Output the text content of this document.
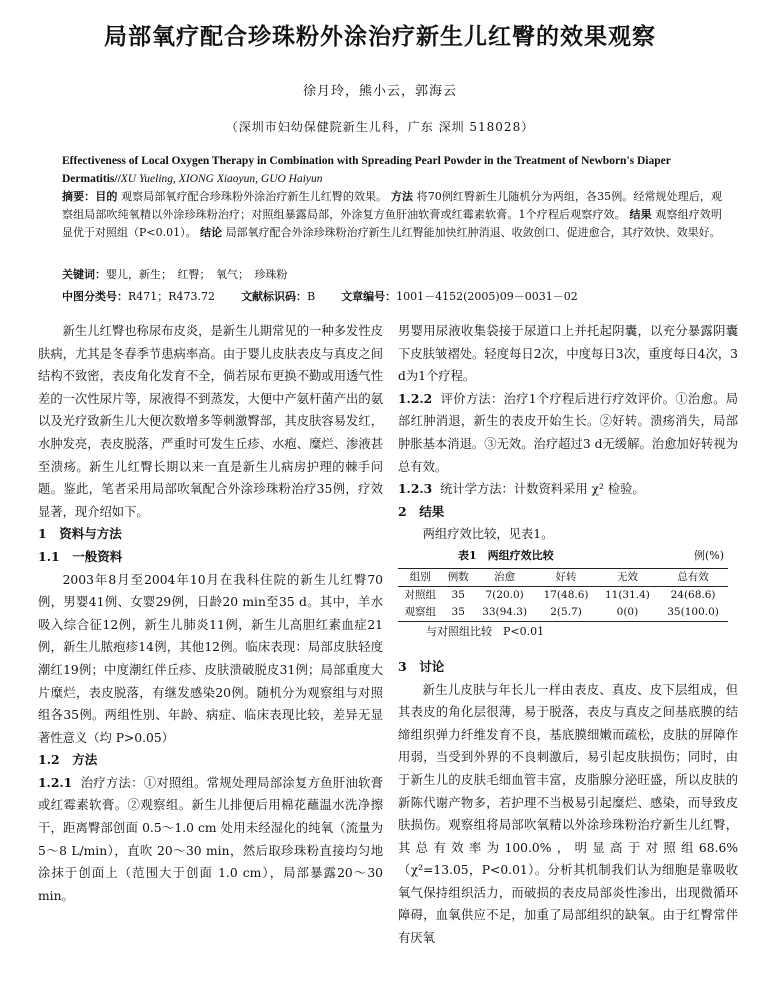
局部氧疗配合珍珠粉外涂治疗新生儿红臀的效果观察
徐月玲，熊小云，郭海云
（深圳市妇幼保健院新生儿科，广东 深圳 518028）
Effectiveness of Local Oxygen Therapy in Combination with Spreading Pearl Powder in the Treatment of Newborn's Diaper Dermatitis//XU Yueling, XIONG Xiaoyun, GUO Haiyun
摘要：目的 观察局部氧疗配合珍珠粉外涂治疗新生儿红臀的效果。 方法 将70例红臀新生儿随机分为两组，各35例。经常规处理后，观察组局部吹纯氧精以外涂珍珠粉治疗；对照组暴露局部，外涂复方鱼肝油软膏或红霉素软膏。1个疗程后观察疗效。 结果 观察组疗效明显优于对照组（P<0.01）。 结论 局部氧疗配合外涂珍珠粉治疗新生儿红臀能加快红肿消退、收敛创口、促进愈合，其疗效快、效果好。
关键词：婴儿，新生；　红臀；　氧气；　珍珠粉
中图分类号：R471；R473.72 文献标识码：B 文章编号：1001－4152(2005)09－0031－02

新生儿红臀也称尿布皮炎，是新生儿期常见的一种多发性皮肤病，尤其是冬春季节患病率高。由于婴儿皮肤表皮与真皮之间结构不致密，表皮角化发育不全，倘若尿布更换不勤或用透气性差的一次性尿片等，尿液得不到蒸发，大便中产氨杆菌产出的氨以及光疗致新生儿大便次数增多等刺激臀部，其皮肤容易发红，水肿发亮，表皮脱落，严重时可发生丘疹、水疱、糜烂、渗液甚至溃疡。新生儿红臀长期以来一直是新生儿病房护理的棘手问题。鉴此，笔者采用局部吹氧配合外涂珍珠粉治疗35例，疗效显著，现介绍如下。

1　资料与方法
1.1　一般资料

2003年8月至2004年10月在我科住院的新生儿红臀70例，男婴41例、女婴29例，日龄20 min至35 d。其中，羊水吸入综合征12例，新生儿肺炎11例，新生儿高胆红素血症21例，新生儿脓疱疹14例，其他12例。临床表现：局部皮肤轻度潮红19例；中度潮红伴丘疹、皮肤溃破脱皮31例；局部重度大片糜烂，表皮脱落，有继发感染20例。随机分为观察组与对照组各35例。两组性别、年龄、病症、临床表现比较，差异无显著性意义（均 P>0.05）

1.2　方法

1.2.1 治疗方法：①对照组。常规处理局部涂复方鱼肝油软膏或红霉素软膏。②观察组。新生儿排便后用棉花蘸温水洗净擦干，距离臀部创面 0.5～1.0 cm 处用未经湿化的纯氧（流量为 5～8 L/min），直吹 20～30 min，然后取珍珠粉直接均匀地涂抹于创面上（范围大于创面 1.0 cm），局部暴露20～30 min。

男婴用尿液收集袋接于尿道口上并托起阴囊，以充分暴露阴囊下皮肤皱褶处。轻度每日2次，中度每日3次，重度每日4次，3 d为1个疗程。

1.2.2 评价方法：治疗1个疗程后进行疗效评价。①治愈。局部红肿消退，新生的表皮开始生长。②好转。溃疡消失，局部肿胀基本消退。③无效。治疗超过3 d无缓解。治愈加好转视为总有效。

1.2.3 统计学方法：计数资料采用 χ² 检验。

2　结果

两组疗效比较，见表1。

表1　两组疗效比较	例(%)
组别	例数	治愈	好转	无效	总有效
对照组	35	7(20.0)	17(48.6)	11(31.4)	24(68.6)
观察组	35	33(94.3)	2(5.7)	0(0)	35(100.0)
与对照组比较　P<0.01
3　讨论

新生儿皮肤与年长儿一样由表皮、真皮、皮下层组成，但其表皮的角化层很薄，易于脱落，表皮与真皮之间基底膜的结缔组织弹力纤维发育不良，基底膜细嫩而疏松，皮肤的屏障作用弱，当受到外界的不良刺激后，易引起皮肤损伤；同时，由于新生儿的皮肤毛细血管丰富，皮脂腺分泌旺盛，所以皮肤的新陈代谢产物多，若护理不当极易引起糜烂、感染，而导致皮肤损伤。观察组将局部吹氧精以外涂珍珠粉治疗新生儿红臀，其总有效率为100.0%，明显高于对照组68.6%（χ²=13.05，P<0.01）。分析其机制我们认为细胞是靠吸收氧气保持组织活力，而破损的表皮局部炎性渗出，出现微循环障碍，血氧供应不足，加重了局部组织的缺氧。由于红臀常伴有厌氧
